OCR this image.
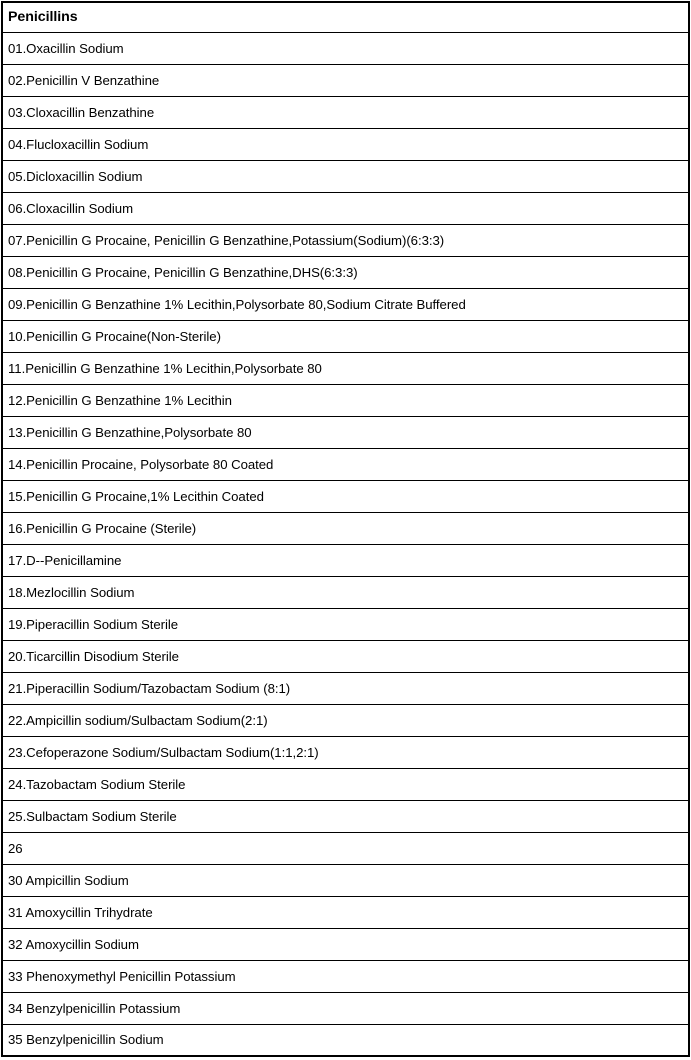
Penicillins
01.Oxacillin Sodium
02.Penicillin V Benzathine
03.Cloxacillin Benzathine
04.Flucloxacillin Sodium
05.Dicloxacillin Sodium
06.Cloxacillin Sodium
07.Penicillin G Procaine, Penicillin G Benzathine,Potassium(Sodium)(6:3:3)
08.Penicillin G Procaine, Penicillin G Benzathine,DHS(6:3:3)
09.Penicillin G Benzathine 1% Lecithin,Polysorbate 80,Sodium Citrate Buffered
10.Penicillin G Procaine(Non-Sterile)
11.Penicillin G Benzathine 1% Lecithin,Polysorbate 80
12.Penicillin G Benzathine 1% Lecithin
13.Penicillin G Benzathine,Polysorbate 80
14.Penicillin Procaine, Polysorbate 80 Coated
15.Penicillin G Procaine,1% Lecithin Coated
16.Penicillin G Procaine (Sterile)
17.D--Penicillamine
18.Mezlocillin Sodium
19.Piperacillin Sodium Sterile
20.Ticarcillin Disodium Sterile
21.Piperacillin Sodium/Tazobactam Sodium (8:1)
22.Ampicillin sodium/Sulbactam Sodium(2:1)
23.Cefoperazone Sodium/Sulbactam Sodium(1:1,2:1)
24.Tazobactam Sodium Sterile
25.Sulbactam Sodium Sterile
26
30 Ampicillin Sodium
31 Amoxycillin Trihydrate
32 Amoxycillin Sodium
33 Phenoxymethyl Penicillin Potassium
34 Benzylpenicillin Potassium
35 Benzylpenicillin Sodium
